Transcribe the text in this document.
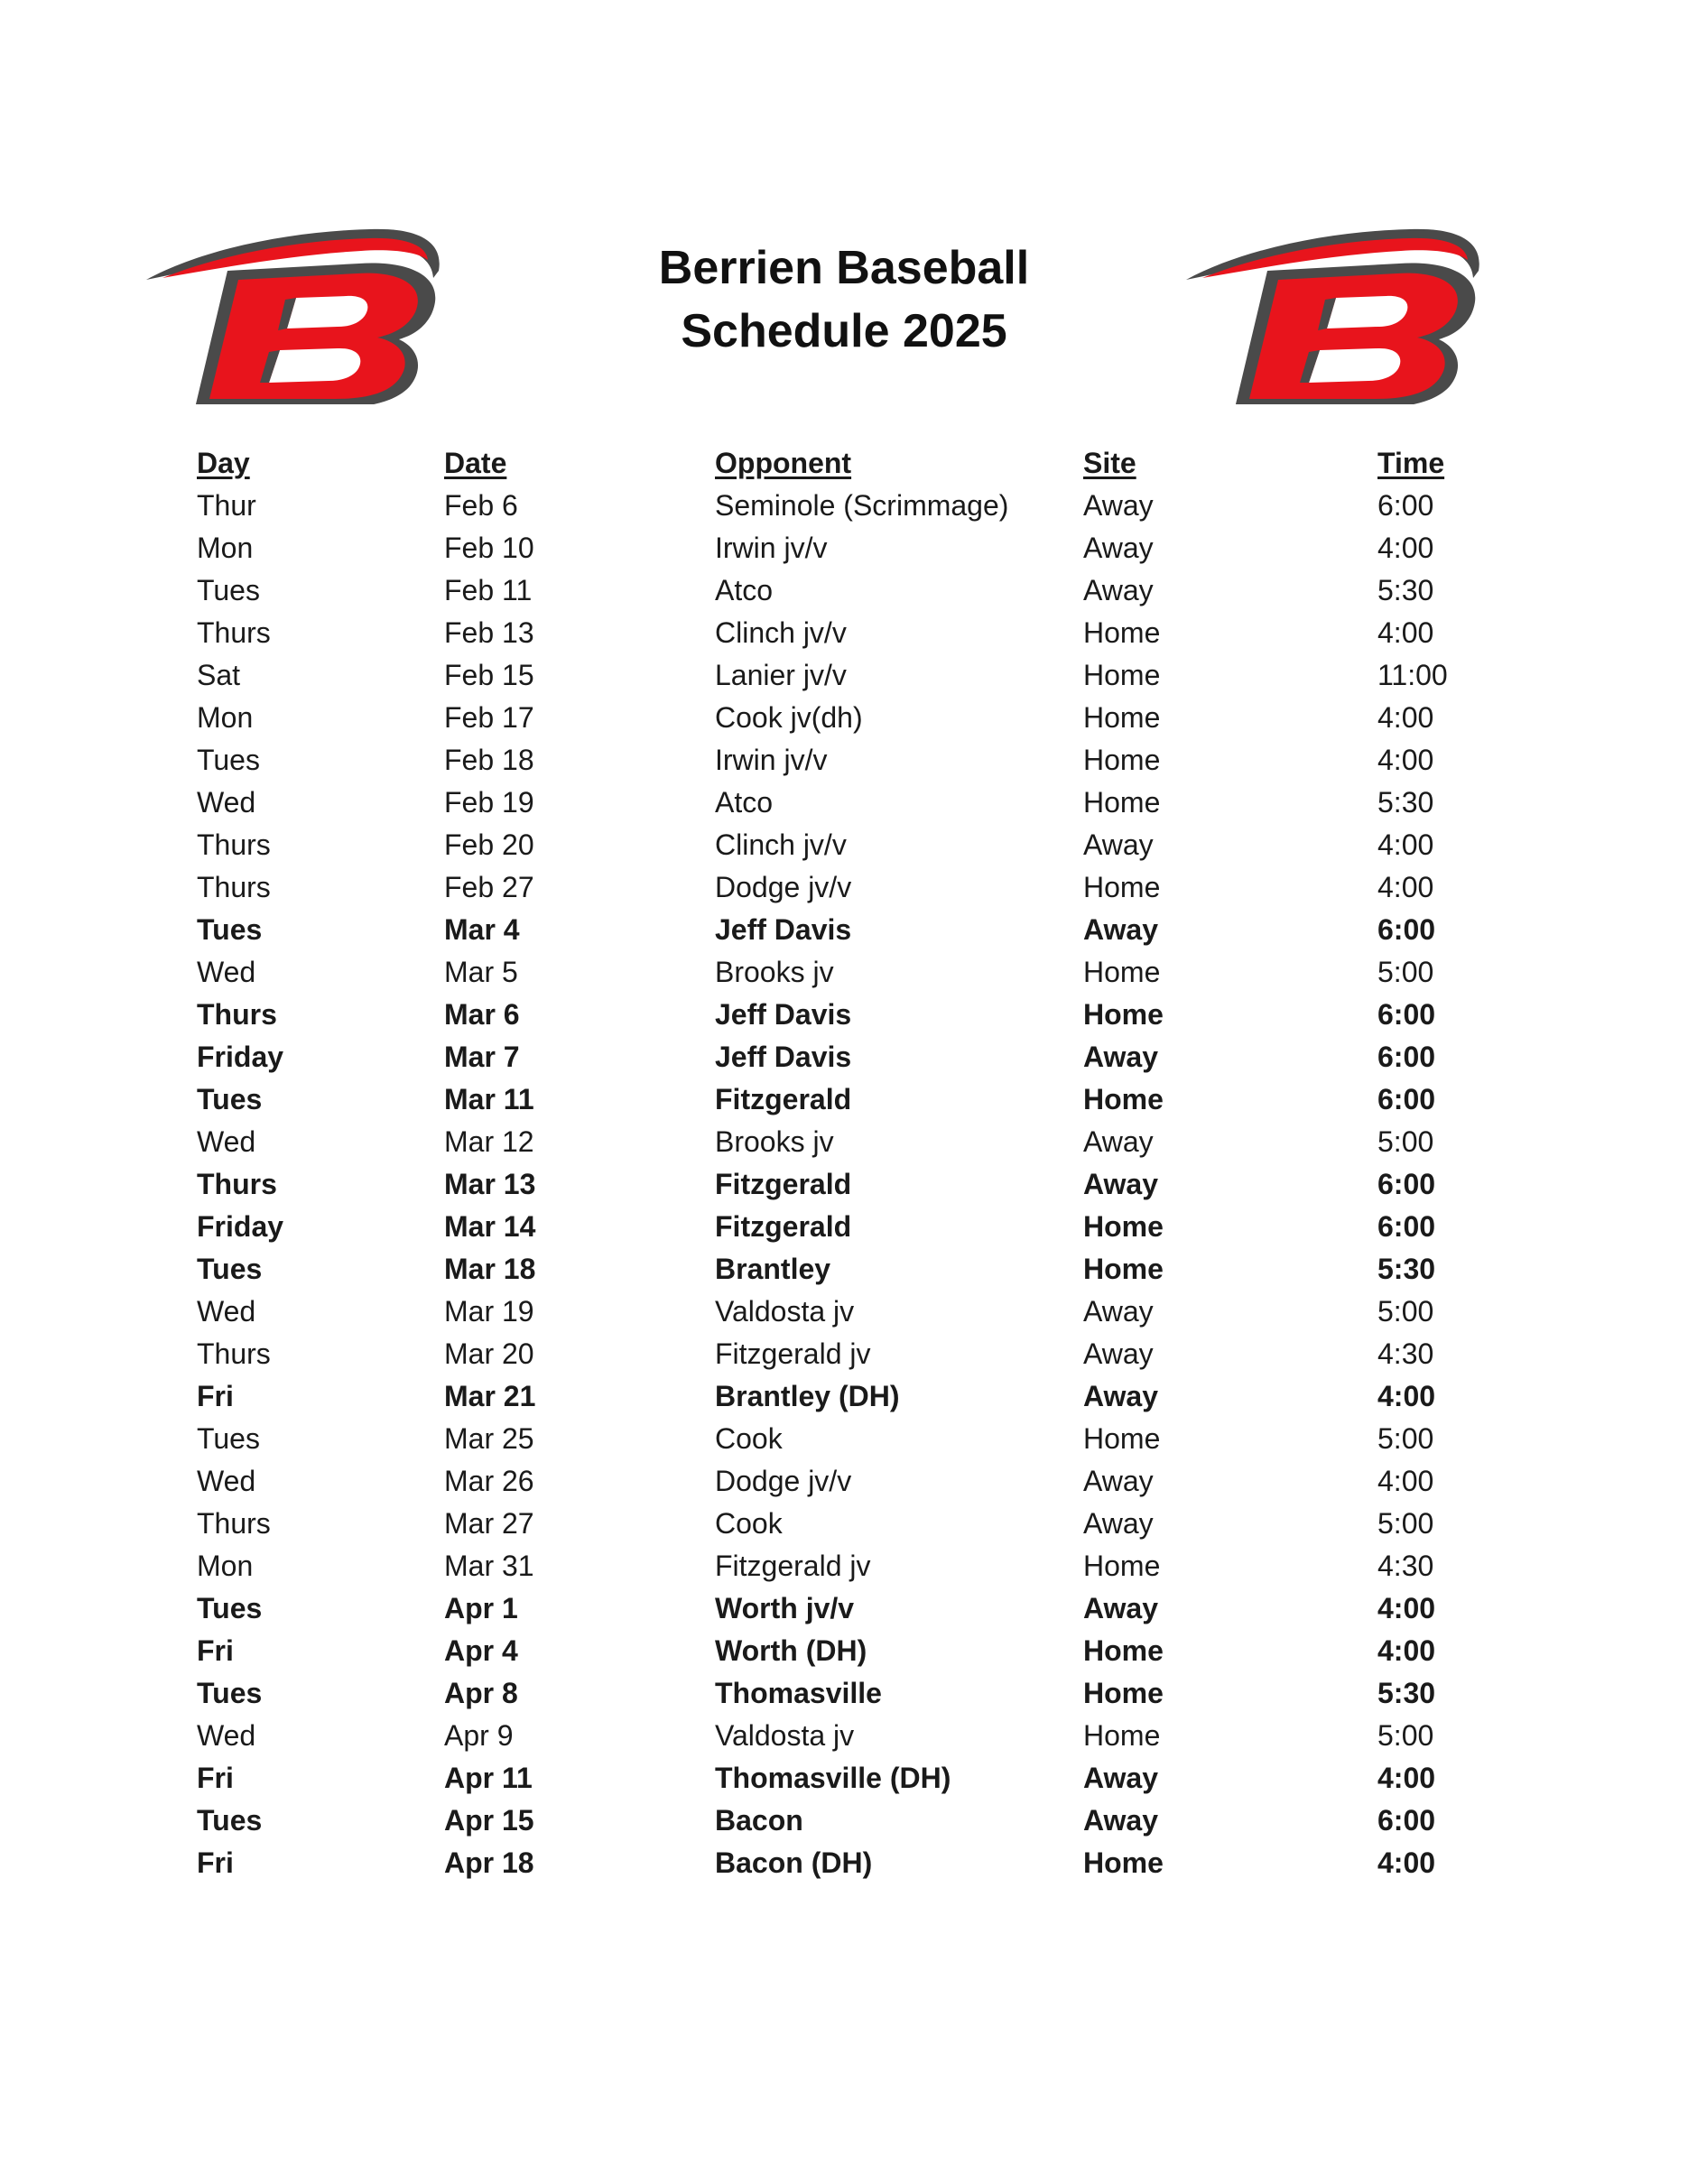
Berrien Baseball
Schedule 2025
Day	Date	Opponent	Site	Time
Thur	Feb 6	Seminole (Scrimmage)	Away	6:00
Mon	Feb 10	Irwin jv/v	Away	4:00
Tues	Feb 11	Atco	Away	5:30
Thurs	Feb 13	Clinch jv/v	Home	4:00
Sat	Feb 15	Lanier jv/v	Home	11:00
Mon	Feb 17	Cook jv(dh)	Home	4:00
Tues	Feb 18	Irwin jv/v	Home	4:00
Wed	Feb 19	Atco	Home	5:30
Thurs	Feb 20	Clinch jv/v	Away	4:00
Thurs	Feb 27	Dodge jv/v	Home	4:00
Tues	Mar 4	Jeff Davis	Away	6:00
Wed	Mar 5	Brooks jv	Home	5:00
Thurs	Mar 6	Jeff Davis	Home	6:00
Friday	Mar 7	Jeff Davis	Away	6:00
Tues	Mar 11	Fitzgerald	Home	6:00
Wed	Mar 12	Brooks jv	Away	5:00
Thurs	Mar 13	Fitzgerald	Away	6:00
Friday	Mar 14	Fitzgerald	Home	6:00
Tues	Mar 18	Brantley	Home	5:30
Wed	Mar 19	Valdosta jv	Away	5:00
Thurs	Mar 20	Fitzgerald jv	Away	4:30
Fri	Mar 21	Brantley (DH)	Away	4:00
Tues	Mar 25	Cook	Home	5:00
Wed	Mar 26	Dodge jv/v	Away	4:00
Thurs	Mar 27	Cook	Away	5:00
Mon	Mar 31	Fitzgerald jv	Home	4:30
Tues	Apr 1	Worth jv/v	Away	4:00
Fri	Apr 4	Worth (DH)	Home	4:00
Tues	Apr 8	Thomasville	Home	5:30
Wed	Apr 9	Valdosta jv	Home	5:00
Fri	Apr 11	Thomasville (DH)	Away	4:00
Tues	Apr 15	Bacon	Away	6:00
Fri	Apr 18	Bacon (DH)	Home	4:00
